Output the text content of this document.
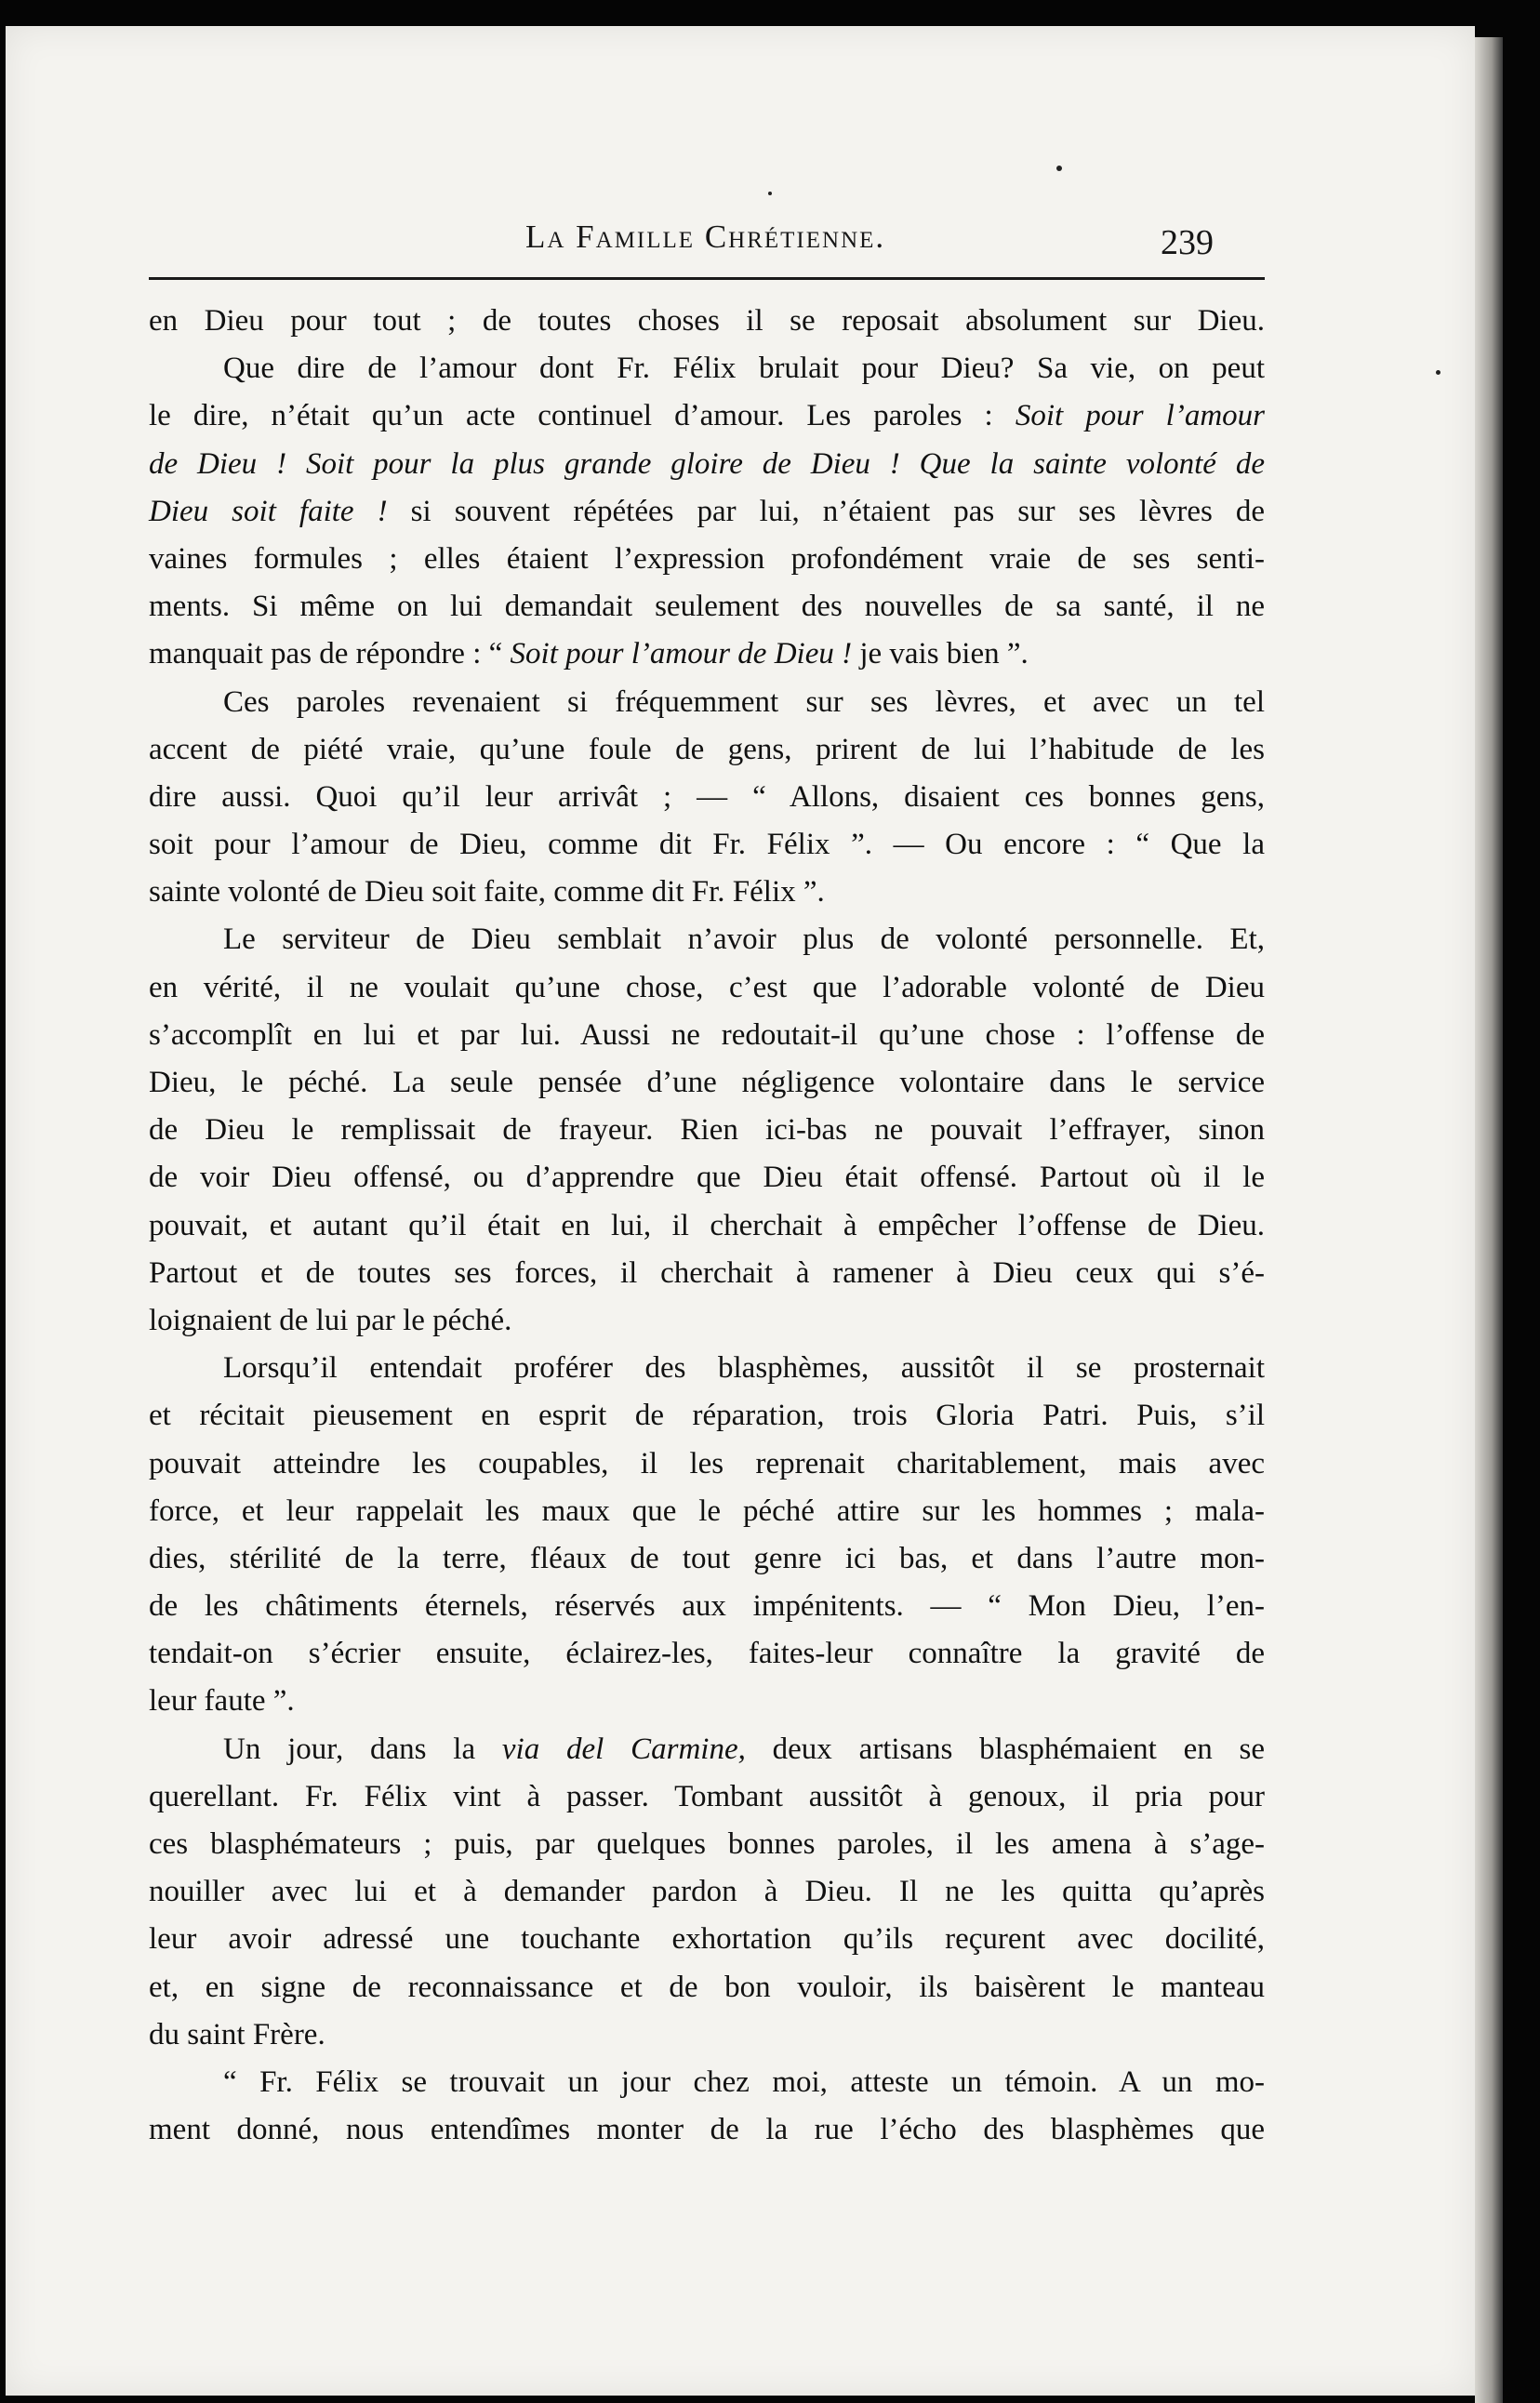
La Famille Chrétienne.	239
en Dieu pour tout ; de toutes choses il se reposait absolument sur Dieu.
Que dire de l’amour dont Fr. Félix brulait pour Dieu? Sa vie, on peut
le dire, n’était qu’un acte continuel d’amour. Les paroles : Soit pour l’amour
de Dieu ! Soit pour la plus grande gloire de Dieu ! Que la sainte volonté de
Dieu soit faite ! si souvent répétées par lui, n’étaient pas sur ses lèvres de
vaines formules ; elles étaient l’expression profondément vraie de ses senti-
ments. Si même on lui demandait seulement des nouvelles de sa santé, il ne
manquait pas de répondre : “ Soit pour l’amour de Dieu ! je vais bien ”.
Ces paroles revenaient si fréquemment sur ses lèvres, et avec un tel
accent de piété vraie, qu’une foule de gens, prirent de lui l’habitude de les
dire aussi. Quoi qu’il leur arrivât ; — “ Allons, disaient ces bonnes gens,
soit pour l’amour de Dieu, comme dit Fr. Félix ”. — Ou encore : “ Que la
sainte volonté de Dieu soit faite, comme dit Fr. Félix ”.
Le serviteur de Dieu semblait n’avoir plus de volonté personnelle. Et,
en vérité, il ne voulait qu’une chose, c’est que l’adorable volonté de Dieu
s’accomplît en lui et par lui. Aussi ne redoutait-il qu’une chose : l’offense de
Dieu, le péché. La seule pensée d’une négligence volontaire dans le service
de Dieu le remplissait de frayeur. Rien ici-bas ne pouvait l’effrayer, sinon
de voir Dieu offensé, ou d’apprendre que Dieu était offensé. Partout où il le
pouvait, et autant qu’il était en lui, il cherchait à empêcher l’offense de Dieu.
Partout et de toutes ses forces, il cherchait à ramener à Dieu ceux qui s’é-
loignaient de lui par le péché.
Lorsqu’il entendait proférer des blasphèmes, aussitôt il se prosternait
et récitait pieusement en esprit de réparation, trois Gloria Patri. Puis, s’il
pouvait atteindre les coupables, il les reprenait charitablement, mais avec
force, et leur rappelait les maux que le péché attire sur les hommes ; mala-
dies, stérilité de la terre, fléaux de tout genre ici bas, et dans l’autre mon-
de les châtiments éternels, réservés aux impénitents. — “ Mon Dieu, l’en-
tendait-on s’écrier ensuite, éclairez-les, faites-leur connaître la gravité de
leur faute ”.
Un jour, dans la via del Carmine, deux artisans blasphémaient en se
querellant. Fr. Félix vint à passer. Tombant aussitôt à genoux, il pria pour
ces blasphémateurs ; puis, par quelques bonnes paroles, il les amena à s’age-
nouiller avec lui et à demander pardon à Dieu. Il ne les quitta qu’après
leur avoir adressé une touchante exhortation qu’ils reçurent avec docilité,
et, en signe de reconnaissance et de bon vouloir, ils baisèrent le manteau
du saint Frère.
“ Fr. Félix se trouvait un jour chez moi, atteste un témoin. A un mo-
ment donné, nous entendîmes monter de la rue l’écho des blasphèmes que
